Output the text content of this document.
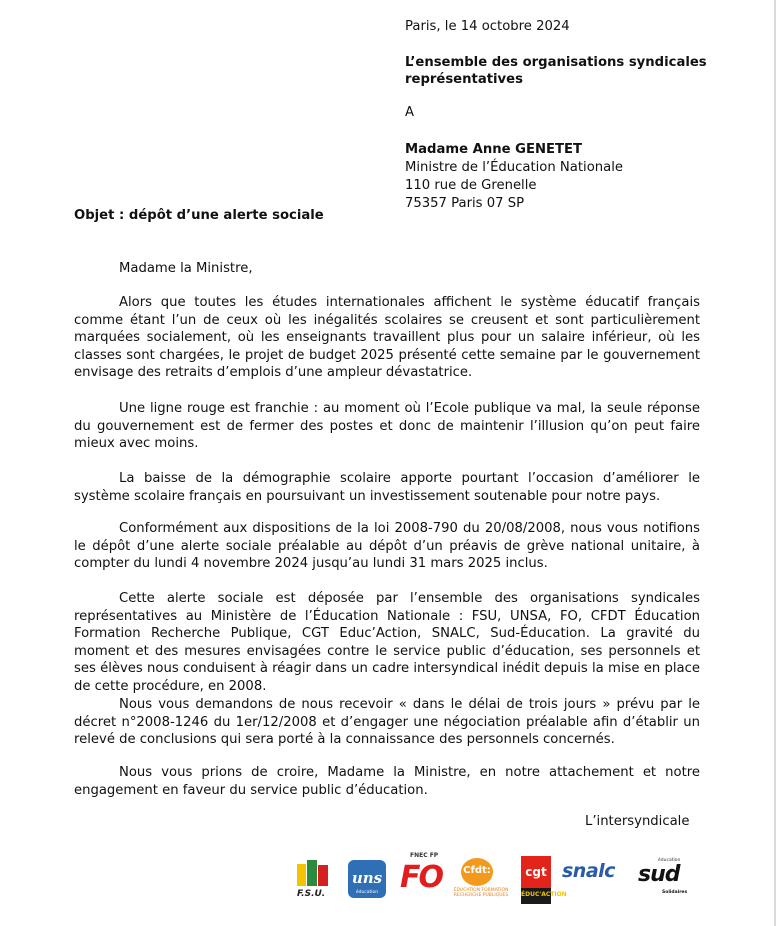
Paris, le 14 octobre 2024
L’ensemble des organisations syndicales représentatives
A
Madame Anne GENETET
Ministre de l’Éducation Nationale
110 rue de Grenelle
75357 Paris 07 SP
Objet : dépôt d’une alerte sociale
Madame la Ministre,
Alors que toutes les études internationales affichent le système éducatif français comme étant l’un de ceux où les inégalités scolaires se creusent et sont particulièrement marquées socialement, où les enseignants travaillent plus pour un salaire inférieur, où les classes sont chargées, le projet de budget 2025 présenté cette semaine par le gouvernement envisage des retraits d’emplois d’une ampleur dévastatrice.
Une ligne rouge est franchie : au moment où l’Ecole publique va mal, la seule réponse du gouvernement est de fermer des postes et donc de maintenir l’illusion qu’on peut faire mieux avec moins.
La baisse de la démographie scolaire apporte pourtant l’occasion d’améliorer le système scolaire français en poursuivant un investissement soutenable pour notre pays.
Conformément aux dispositions de la loi 2008-790 du 20/08/2008, nous vous notifions le dépôt d’une alerte sociale préalable au dépôt d’un préavis de grève national unitaire, à compter du lundi 4 novembre 2024 jusqu’au lundi 31 mars 2025 inclus.
Cette alerte sociale est déposée par l’ensemble des organisations syndicales représentatives au Ministère de l’Éducation Nationale : FSU, UNSA, FO, CFDT Éducation Formation Recherche Publique, CGT Educ’Action, SNALC, Sud-Éducation. La gravité du moment et des mesures envisagées contre le service public d’éducation, ses personnels et ses élèves nous conduisent à réagir dans un cadre intersyndical inédit depuis la mise en place de cette procédure, en 2008.
Nous vous demandons de nous recevoir « dans le délai de trois jours » prévu par le décret n°2008-1246 du 1er/12/2008 et d’engager une négociation préalable afin d’établir un relevé de conclusions qui sera porté à la connaissance des personnels concernés.
Nous vous prions de croire, Madame la Ministre, en notre attachement et notre engagement en faveur du service public d’éducation.
L’intersyndicale
F.S.U.
uns
éducation
FNEC FP
FO Cfdt:
ÉDUCATION FORMATION RECHERCHE PUBLIQUES
cgt
ÉDUC'ACTION
snalc	éducation
sud
Solidaires
